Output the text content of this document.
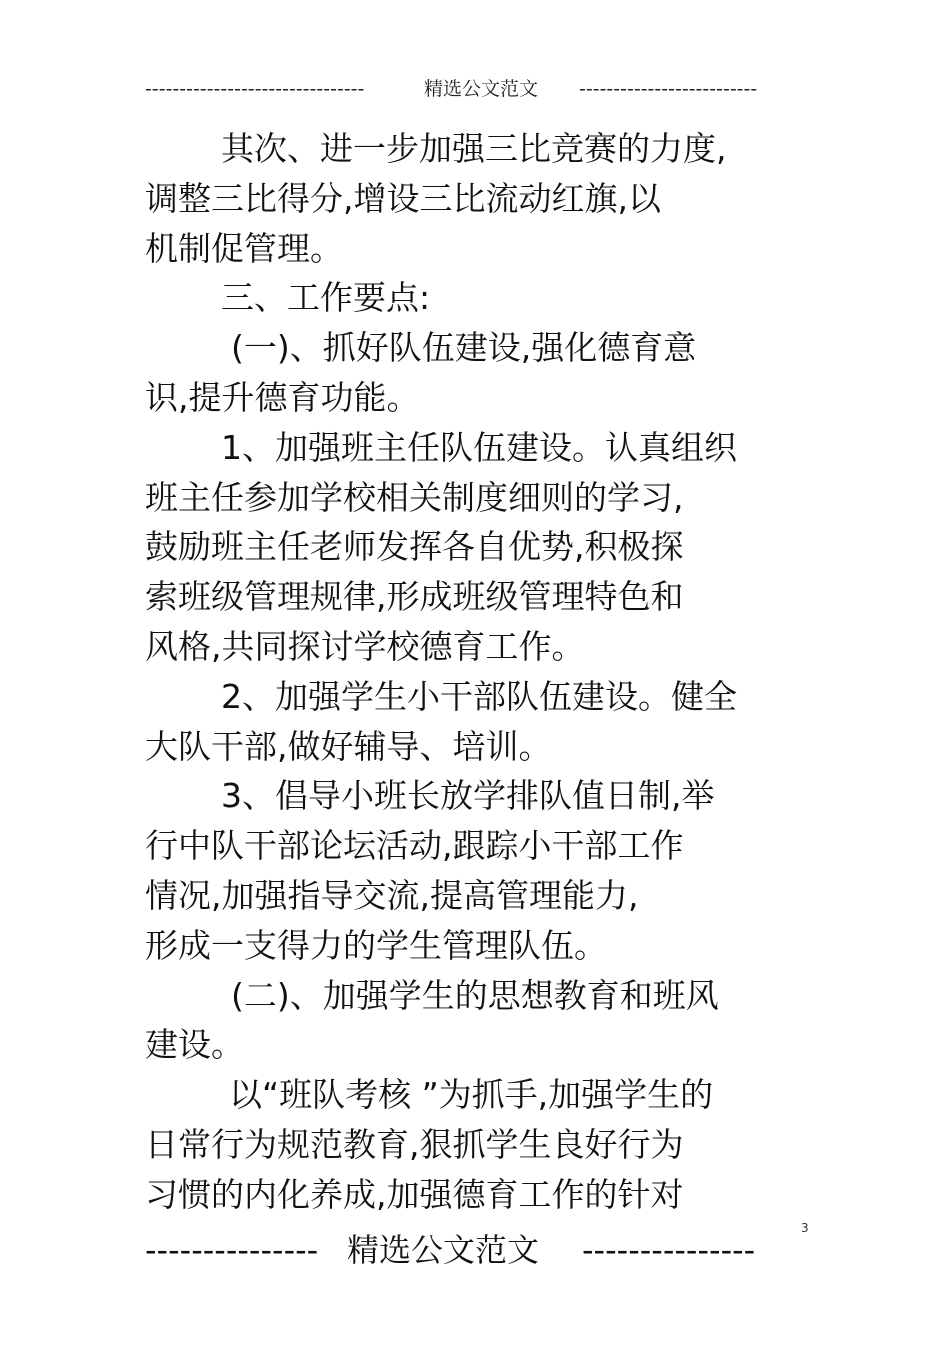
--------------------------------	精选公文范文 --------------------------
其次、进一步加强三比竞赛的力度,
调整三比得分,增设三比流动红旗,以
机制促管理。
三、工作要点:
(一)、抓好队伍建设,强化德育意
识,提升德育功能。
1、加强班主任队伍建设。认真组织
班主任参加学校相关制度细则的学习,
鼓励班主任老师发挥各自优势,积极探
索班级管理规律,形成班级管理特色和
风格,共同探讨学校德育工作。
2、加强学生小干部队伍建设。健全
大队干部,做好辅导、培训。
3、倡导小班长放学排队值日制,举
行中队干部论坛活动,跟踪小干部工作
情况,加强指导交流,提高管理能力,
形成一支得力的学生管理队伍。
(二)、加强学生的思想教育和班风
建设。
以“班队考核 ”为抓手,加强学生的
日常行为规范教育,狠抓学生良好行为
习惯的内化养成,加强德育工作的针对
3
--------------- 精选公文范文 ---------------
